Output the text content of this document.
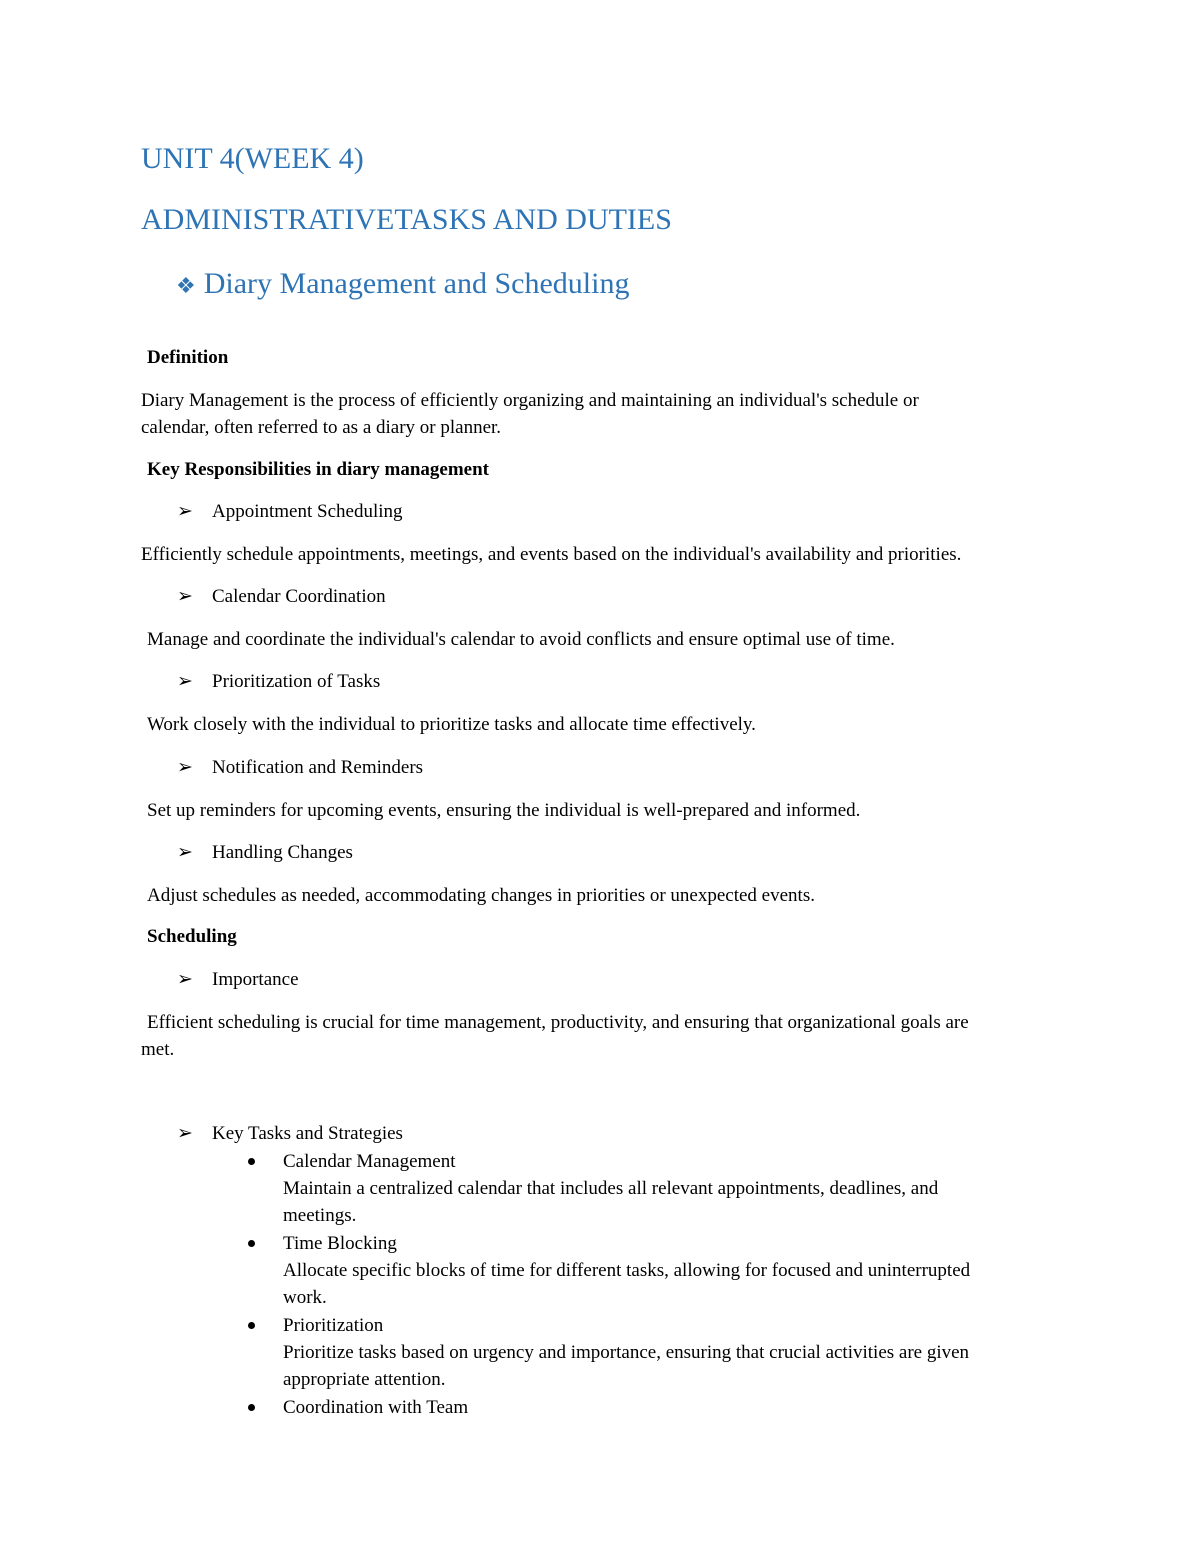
UNIT 4(WEEK 4)
ADMINISTRATIVETASKS AND DUTIES
❖ Diary Management and Scheduling
Definition
Diary Management is the process of efficiently organizing and maintaining an individual's schedule or
calendar, often referred to as a diary or planner.
Key Responsibilities in diary management
➢ Appointment Scheduling
Efficiently schedule appointments, meetings, and events based on the individual's availability and priorities.
➢ Calendar Coordination
Manage and coordinate the individual's calendar to avoid conflicts and ensure optimal use of time.
➢ Prioritization of Tasks
Work closely with the individual to prioritize tasks and allocate time effectively.
➢ Notification and Reminders
Set up reminders for upcoming events, ensuring the individual is well-prepared and informed.
➢ Handling Changes
Adjust schedules as needed, accommodating changes in priorities or unexpected events.
Scheduling
➢ Importance
Efficient scheduling is crucial for time management, productivity, and ensuring that organizational goals are
met.
➢ Key Tasks and Strategies
Calendar Management
Maintain a centralized calendar that includes all relevant appointments, deadlines, and
meetings.
Time Blocking
Allocate specific blocks of time for different tasks, allowing for focused and uninterrupted
work.
Prioritization
Prioritize tasks based on urgency and importance, ensuring that crucial activities are given
appropriate attention.
Coordination with Team
